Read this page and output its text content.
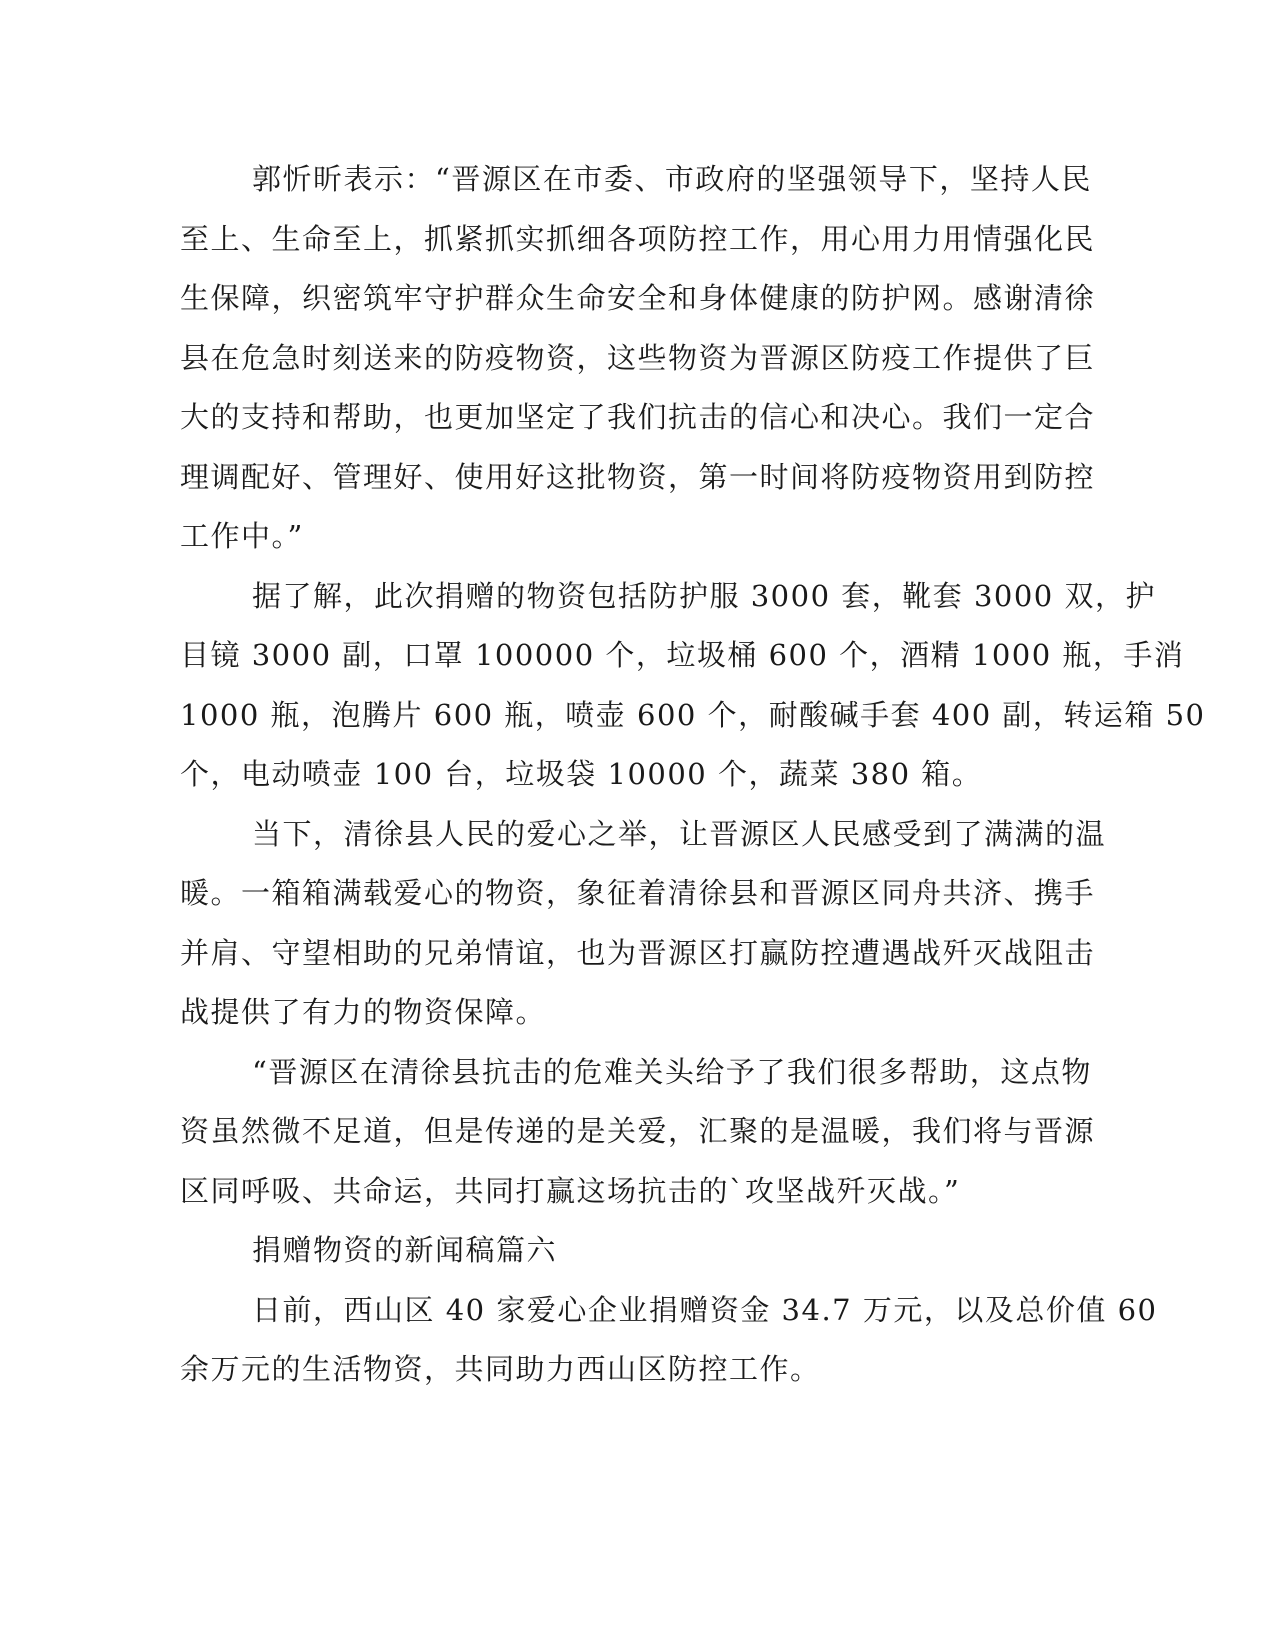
郭忻昕表示：“晋源区在市委、市政府的坚强领导下，坚持人民
至上、生命至上，抓紧抓实抓细各项防控工作，用心用力用情强化民
生保障，织密筑牢守护群众生命安全和身体健康的防护网。感谢清徐
县在危急时刻送来的防疫物资，这些物资为晋源区防疫工作提供了巨
大的支持和帮助，也更加坚定了我们抗击的信心和决心。我们一定合
理调配好、管理好、使用好这批物资，第一时间将防疫物资用到防控
工作中。”

据了解，此次捐赠的物资包括防护服 3000 套，靴套 3000 双，护
目镜 3000 副，口罩 100000 个，垃圾桶 600 个，酒精 1000 瓶，手消
1000 瓶，泡腾片 600 瓶，喷壶 600 个，耐酸碱手套 400 副，转运箱 50
个，电动喷壶 100 台，垃圾袋 10000 个，蔬菜 380 箱。

当下，清徐县人民的爱心之举，让晋源区人民感受到了满满的温
暖。一箱箱满载爱心的物资，象征着清徐县和晋源区同舟共济、携手
并肩、守望相助的兄弟情谊，也为晋源区打赢防控遭遇战歼灭战阻击
战提供了有力的物资保障。

“晋源区在清徐县抗击的危难关头给予了我们很多帮助，这点物
资虽然微不足道，但是传递的是关爱，汇聚的是温暖，我们将与晋源
区同呼吸、共命运，共同打赢这场抗击的`攻坚战歼灭战。”

捐赠物资的新闻稿篇六

日前，西山区 40 家爱心企业捐赠资金 34.7 万元，以及总价值 60
余万元的生活物资，共同助力西山区防控工作。
